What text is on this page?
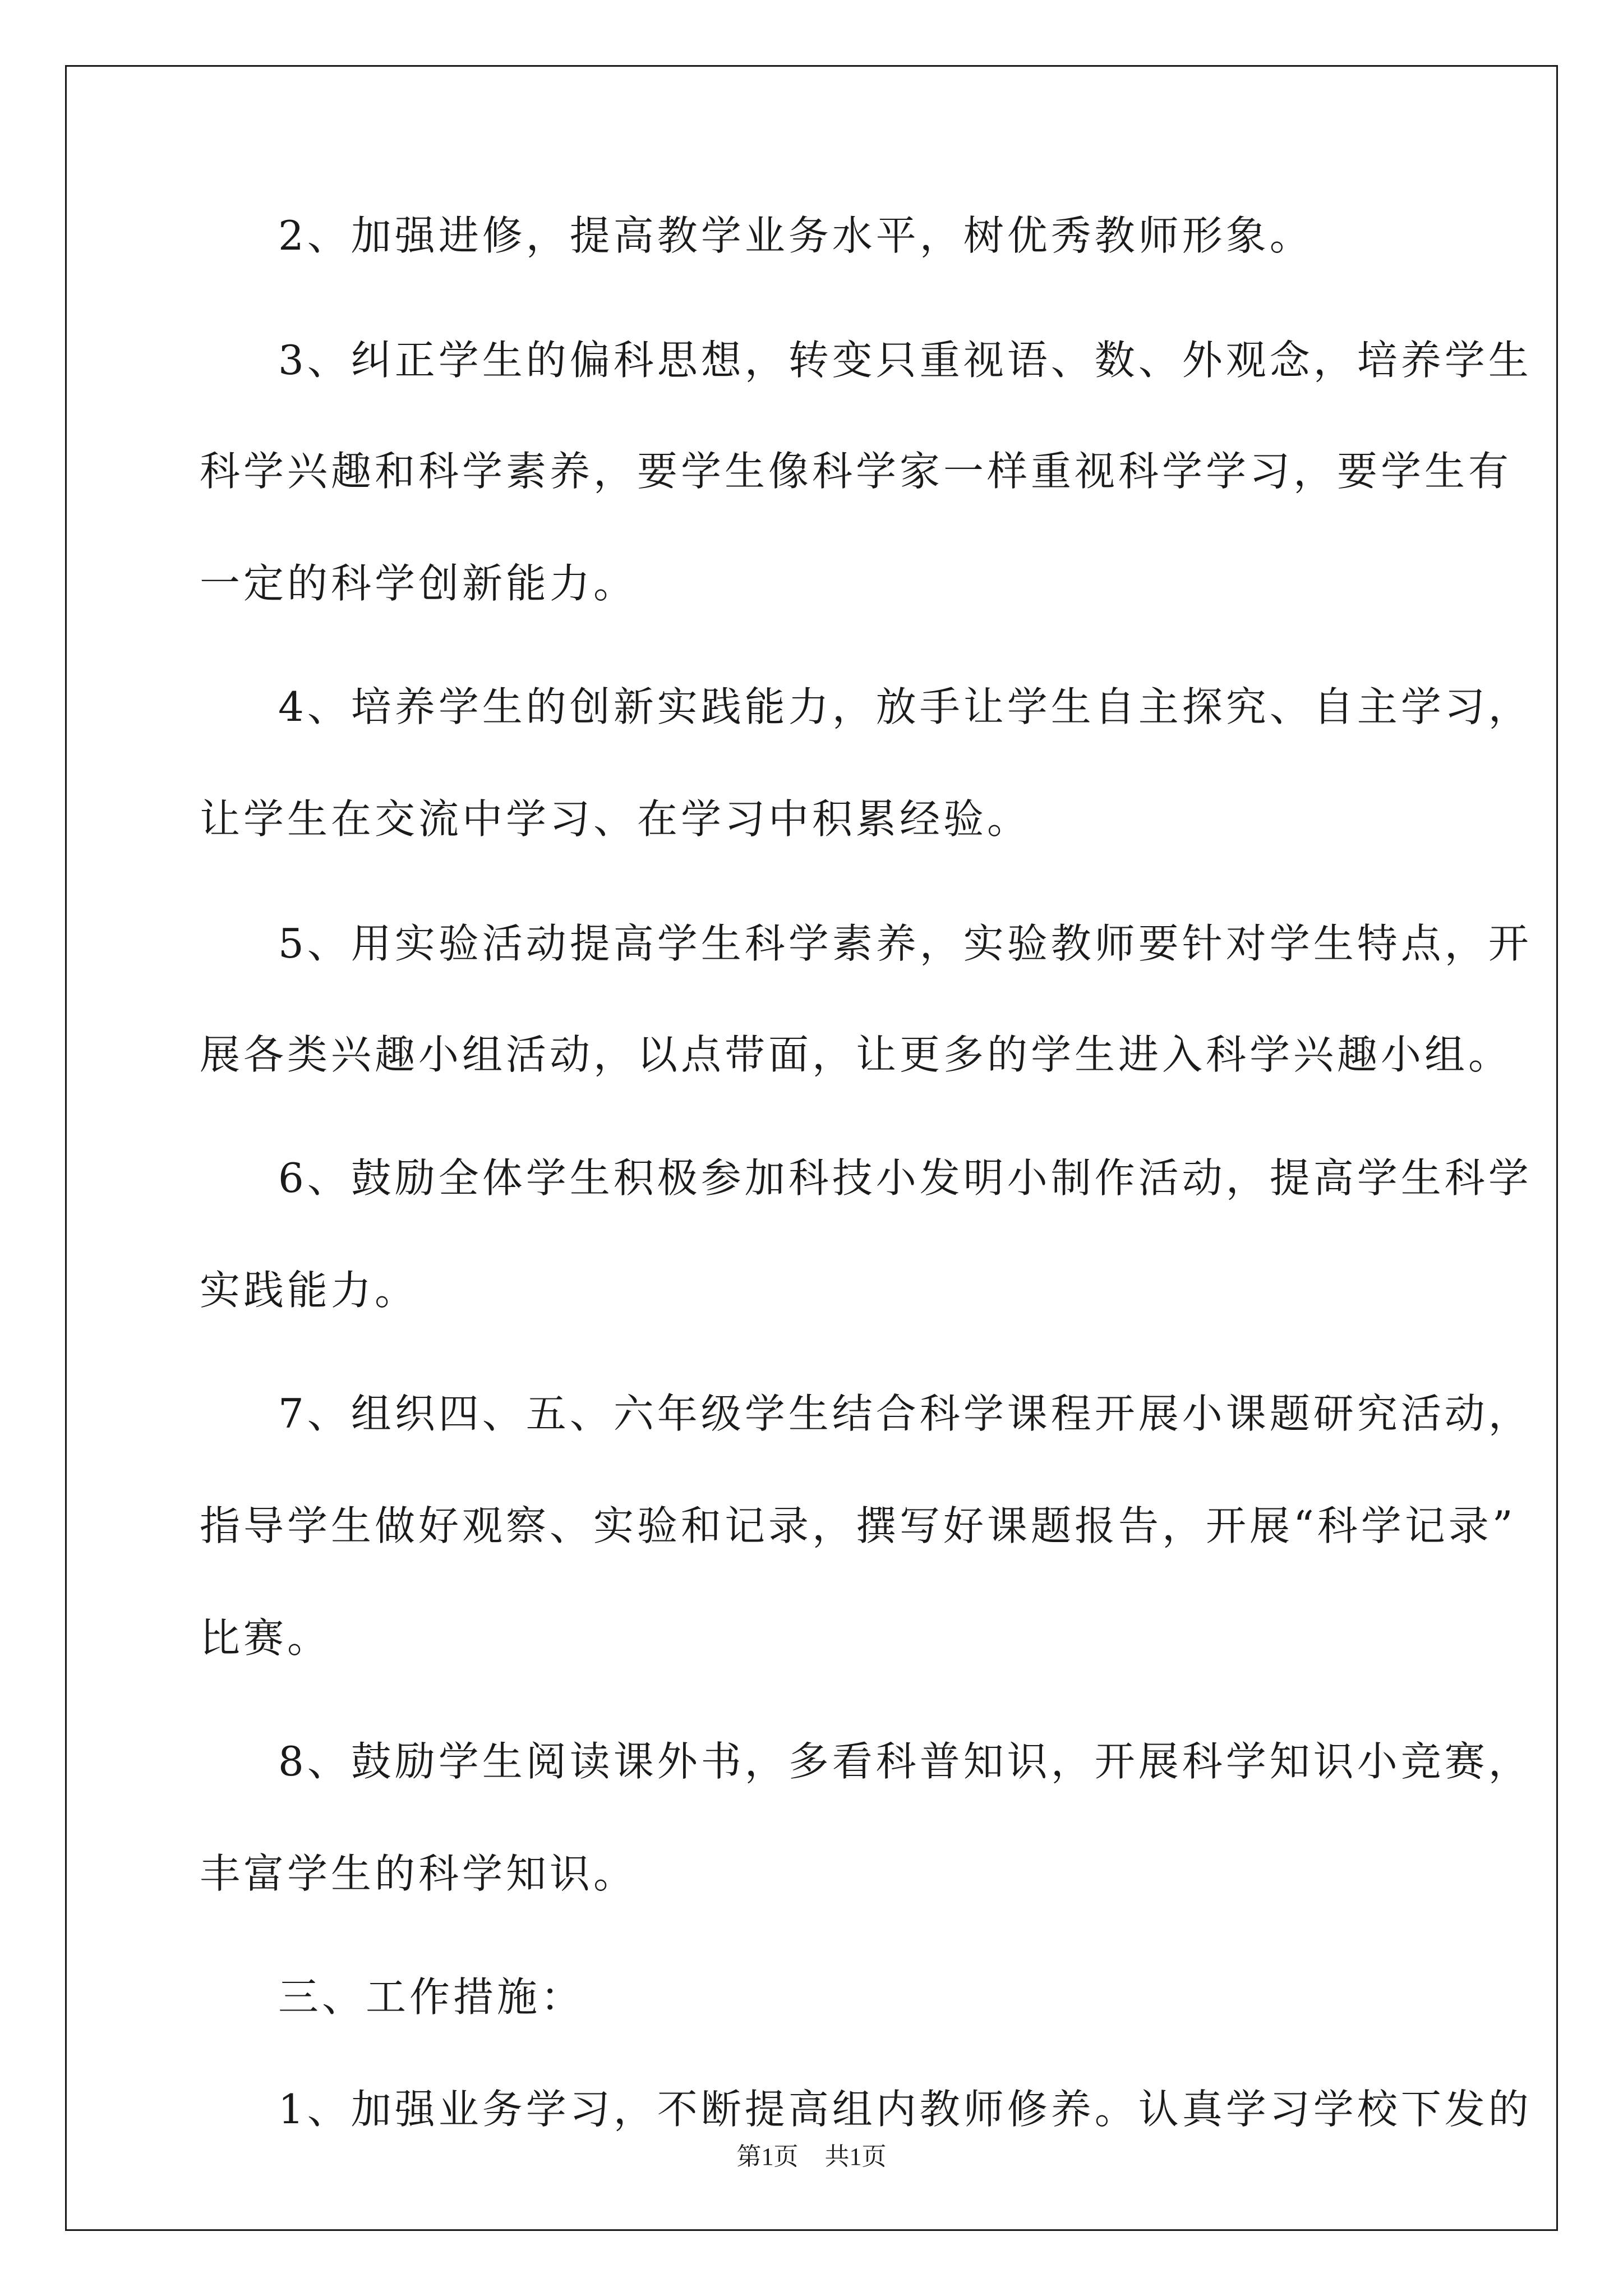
2、加强进修，提高教学业务水平，树优秀教师形象。
3、纠正学生的偏科思想，转变只重视语、数、外观念，培养学生
科学兴趣和科学素养，要学生像科学家一样重视科学学习，要学生有
一定的科学创新能力。
4、培养学生的创新实践能力，放手让学生自主探究、自主学习，
让学生在交流中学习、在学习中积累经验。
5、用实验活动提高学生科学素养，实验教师要针对学生特点，开
展各类兴趣小组活动，以点带面，让更多的学生进入科学兴趣小组。
6、鼓励全体学生积极参加科技小发明小制作活动，提高学生科学
实践能力。
7、组织四、五、六年级学生结合科学课程开展小课题研究活动，
指导学生做好观察、实验和记录，撰写好课题报告，开展“科学记录”
比赛。
8、鼓励学生阅读课外书，多看科普知识，开展科学知识小竞赛，
丰富学生的科学知识。
三、工作措施：
1、加强业务学习，不断提高组内教师修养。认真学习学校下发的
第1页 共1页
